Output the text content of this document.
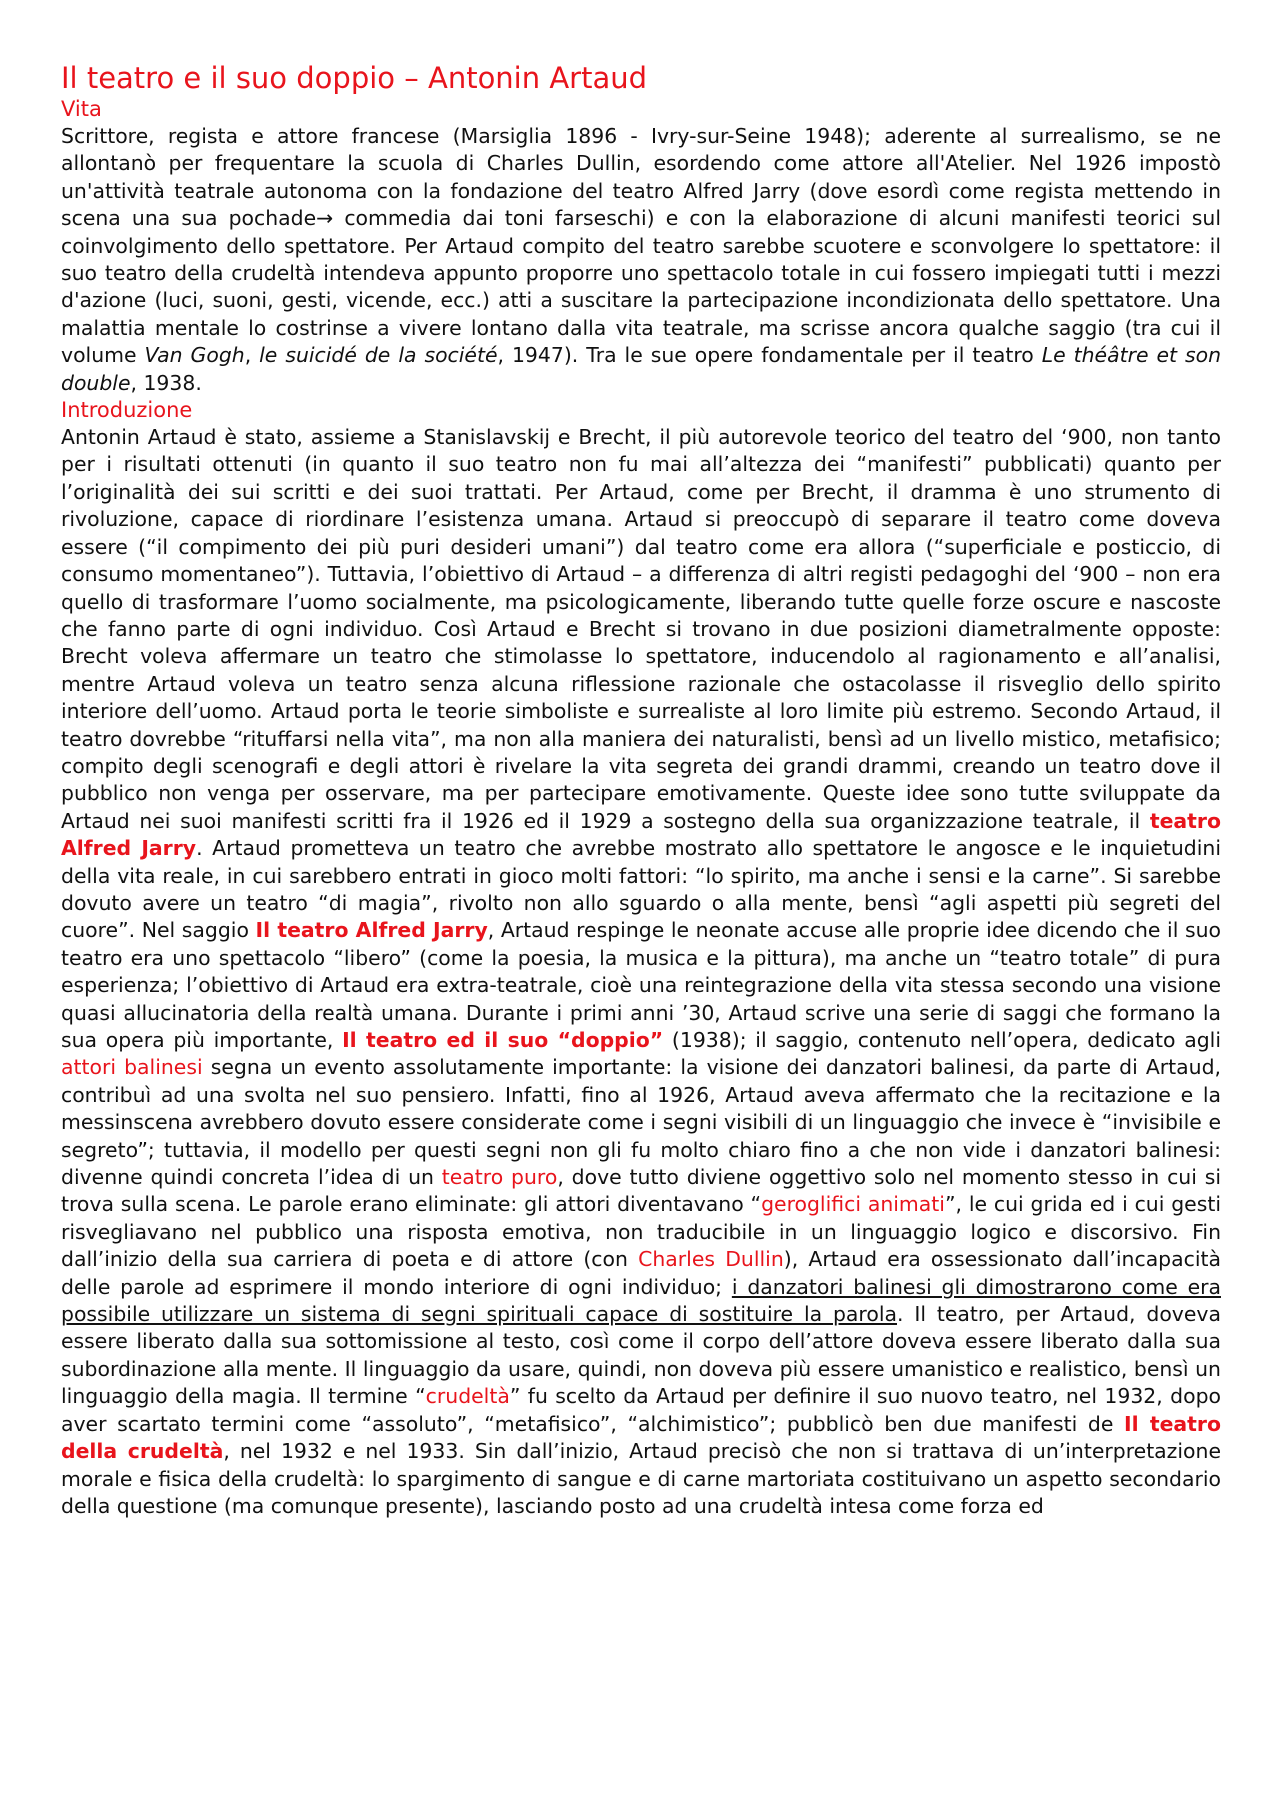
Il teatro e il suo doppio – Antonin Artaud
Vita

Scrittore, regista e attore francese (Marsiglia 1896 - Ivry-sur-Seine 1948); aderente al surrealismo, se ne allontanò per frequentare la scuola di Charles Dullin, esordendo come attore all'Atelier. Nel 1926 impostò un'attività teatrale autonoma con la fondazione del teatro Alfred Jarry (dove esordì come regista mettendo in scena una sua pochade→ commedia dai toni farseschi) e con la elaborazione di alcuni manifesti teorici sul coinvolgimento dello spettatore. Per Artaud compito del teatro sarebbe scuotere e sconvolgere lo spettatore: il suo teatro della crudeltà intendeva appunto proporre uno spettacolo totale in cui fossero impiegati tutti i mezzi d'azione (luci, suoni, gesti, vicende, ecc.) atti a suscitare la partecipazione incondizionata dello spettatore. Una malattia mentale lo costrinse a vivere lontano dalla vita teatrale, ma scrisse ancora qualche saggio (tra cui il volume Van Gogh, le suicidé de la société, 1947). Tra le sue opere fondamentale per il teatro Le théâtre et son double, 1938.

Introduzione

Antonin Artaud è stato, assieme a Stanislavskij e Brecht, il più autorevole teorico del teatro del ‘900, non tanto per i risultati ottenuti (in quanto il suo teatro non fu mai all’altezza dei “manifesti” pubblicati) quanto per l’originalità dei sui scritti e dei suoi trattati. Per Artaud, come per Brecht, il dramma è uno strumento di rivoluzione, capace di riordinare l’esistenza umana. Artaud si preoccupò di separare il teatro come doveva essere (“il compimento dei più puri desideri umani”) dal teatro come era allora (“superficiale e posticcio, di consumo momentaneo”). Tuttavia, l’obiettivo di Artaud – a differenza di altri registi pedagoghi del ‘900 – non era quello di trasformare l’uomo socialmente, ma psicologicamente, liberando tutte quelle forze oscure e nascoste che fanno parte di ogni individuo. Così Artaud e Brecht si trovano in due posizioni diametralmente opposte: Brecht voleva affermare un teatro che stimolasse lo spettatore, inducendolo al ragionamento e all’analisi, mentre Artaud voleva un teatro senza alcuna riflessione razionale che ostacolasse il risveglio dello spirito interiore dell’uomo. Artaud porta le teorie simboliste e surrealiste al loro limite più estremo. Secondo Artaud, il teatro dovrebbe “rituffarsi nella vita”, ma non alla maniera dei naturalisti, bensì ad un livello mistico, metafisico; compito degli scenografi e degli attori è rivelare la vita segreta dei grandi drammi, creando un teatro dove il pubblico non venga per osservare, ma per partecipare emotivamente. Queste idee sono tutte sviluppate da Artaud nei suoi manifesti scritti fra il 1926 ed il 1929 a sostegno della sua organizzazione teatrale, il teatro Alfred Jarry. Artaud prometteva un teatro che avrebbe mostrato allo spettatore le angosce e le inquietudini della vita reale, in cui sarebbero entrati in gioco molti fattori: “lo spirito, ma anche i sensi e la carne”. Si sarebbe dovuto avere un teatro “di magia”, rivolto non allo sguardo o alla mente, bensì “agli aspetti più segreti del cuore”. Nel saggio Il teatro Alfred Jarry, Artaud respinge le neonate accuse alle proprie idee dicendo che il suo teatro era uno spettacolo “libero” (come la poesia, la musica e la pittura), ma anche un “teatro totale” di pura esperienza; l’obiettivo di Artaud era extra-teatrale, cioè una reintegrazione della vita stessa secondo una visione quasi allucinatoria della realtà umana. Durante i primi anni ’30, Artaud scrive una serie di saggi che formano la sua opera più importante, Il teatro ed il suo “doppio” (1938); il saggio, contenuto nell’opera, dedicato agli attori balinesi segna un evento assolutamente importante: la visione dei danzatori balinesi, da parte di Artaud, contribuì ad una svolta nel suo pensiero. Infatti, fino al 1926, Artaud aveva affermato che la recitazione e la messinscena avrebbero dovuto essere considerate come i segni visibili di un linguaggio che invece è “invisibile e segreto”; tuttavia, il modello per questi segni non gli fu molto chiaro fino a che non vide i danzatori balinesi: divenne quindi concreta l’idea di un teatro puro, dove tutto diviene oggettivo solo nel momento stesso in cui si trova sulla scena. Le parole erano eliminate: gli attori diventavano “geroglifici animati”, le cui grida ed i cui gesti risvegliavano nel pubblico una risposta emotiva, non traducibile in un linguaggio logico e discorsivo. Fin dall’inizio della sua carriera di poeta e di attore (con Charles Dullin), Artaud era ossessionato dall’incapacità delle parole ad esprimere il mondo interiore di ogni individuo; i danzatori balinesi gli dimostrarono come era possibile utilizzare un sistema di segni spirituali capace di sostituire la parola. Il teatro, per Artaud, doveva essere liberato dalla sua sottomissione al testo, così come il corpo dell’attore doveva essere liberato dalla sua subordinazione alla mente. Il linguaggio da usare, quindi, non doveva più essere umanistico e realistico, bensì un linguaggio della magia. Il termine “crudeltà” fu scelto da Artaud per definire il suo nuovo teatro, nel 1932, dopo aver scartato termini come “assoluto”, “metafisico”, “alchimistico”; pubblicò ben due manifesti de Il teatro della crudeltà, nel 1932 e nel 1933. Sin dall’inizio, Artaud precisò che non si trattava di un’interpretazione morale e fisica della crudeltà: lo spargimento di sangue e di carne martoriata costituivano un aspetto secondario della questione (ma comunque presente), lasciando posto ad una crudeltà intesa come forza ed
